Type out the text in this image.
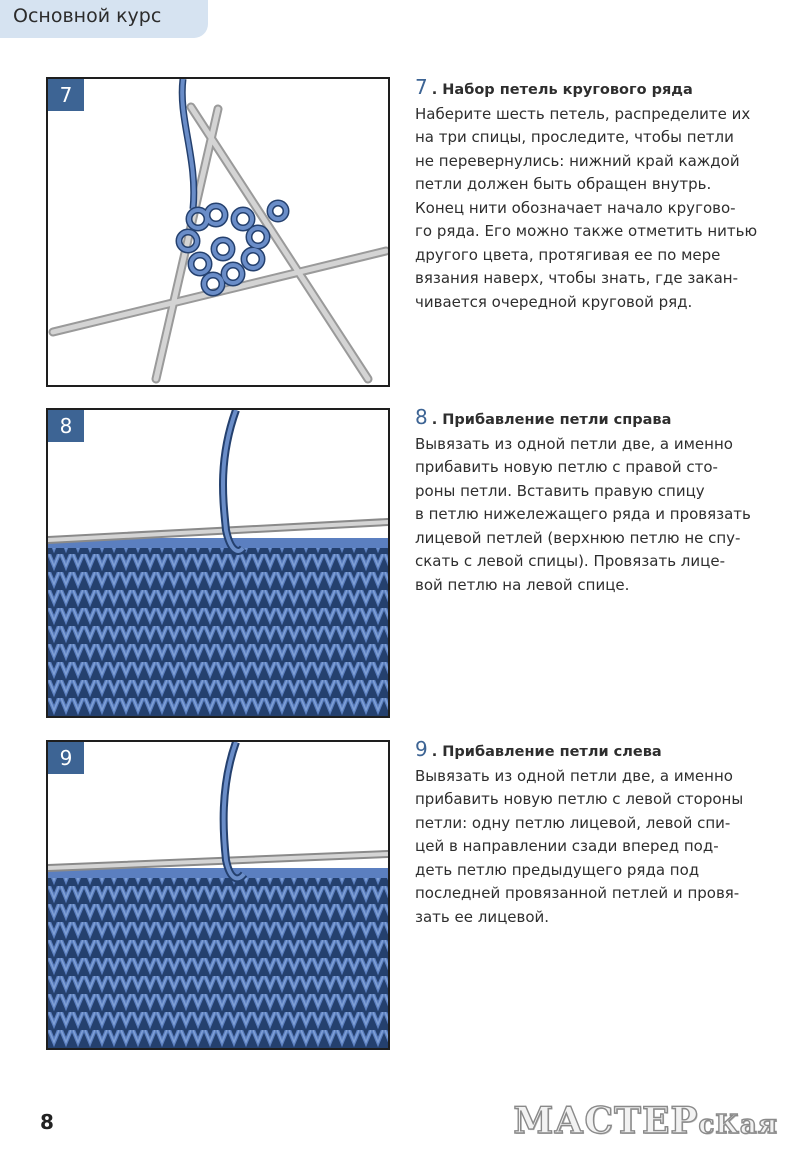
Основной курс
7
8
9
7 . Набор петель кругового ряда
Наберите шесть петель, распределите их
на три спицы, проследите, чтобы петли
не перевернулись: нижний край каждой
петли должен быть обращен внутрь.
Конец нити обозначает начало кругово-
го ряда. Его можно также отметить нитью
другого цвета, протягивая ее по мере
вязания наверх, чтобы знать, где закан-
чивается очередной круговой ряд.
8 . Прибавление петли справа
Вывязать из одной петли две, а именно
прибавить новую петлю с правой сто-
роны петли. Вставить правую спицу
в петлю нижележащего ряда и провязать
лицевой петлей (верхнюю петлю не спу-
скать с левой спицы). Провязать лице-
вой петлю на левой спице.
9 . Прибавление петли слева
Вывязать из одной петли две, а именно
прибавить новую петлю с левой стороны
петли: одну петлю лицевой, левой спи-
цей в направлении сзади вперед под-
деть петлю предыдущего ряда под
последней провязанной петлей и провя-
зать ее лицевой.
8	МАСТЕРсКая
